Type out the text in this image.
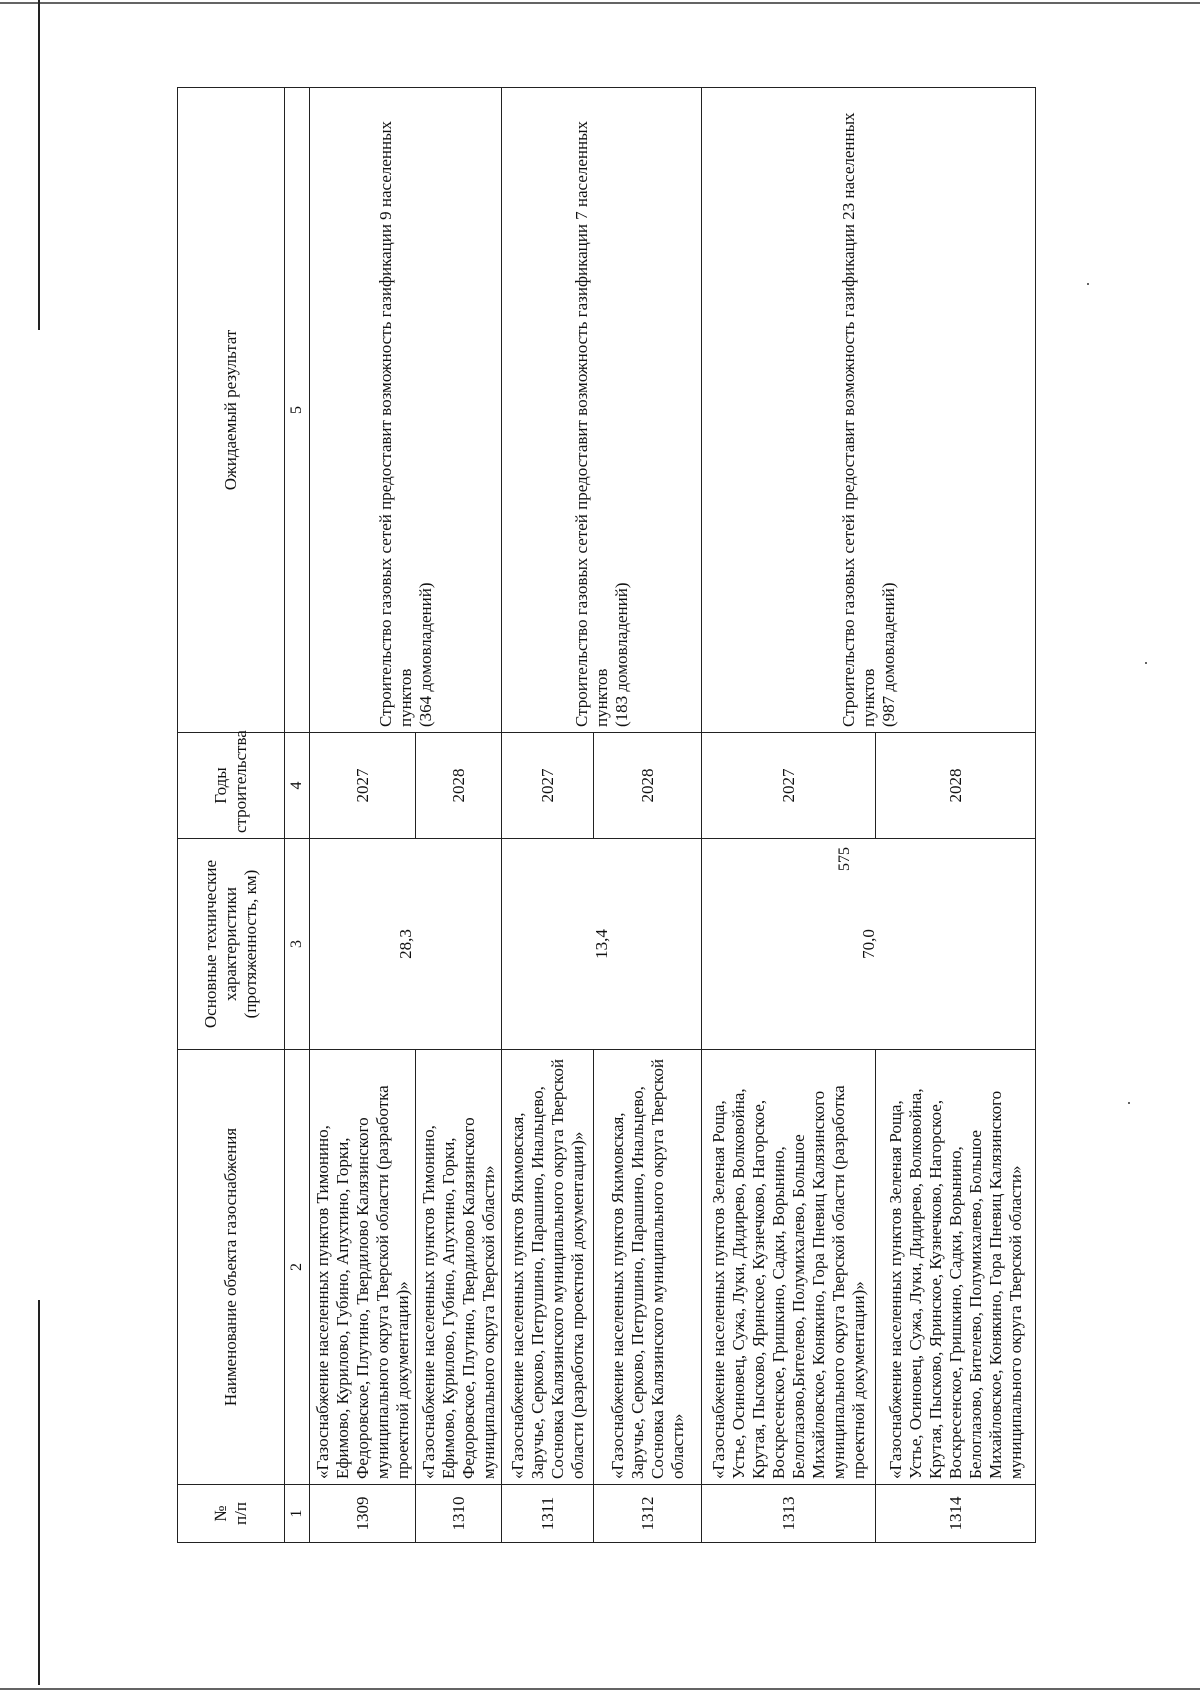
575
№
п/п	Наименование объекта газоснабжения	Основные технические характеристики (протяженность, км)	Годы строительства	Ожидаемый результат
1	2	3	4	5
1309	«Газоснабжение населенных пунктов Тимонино, Ефимово, Курилово, Губино, Апухтино, Горки, Федоровское, Плутино, Твердилово Калязинского муниципального округа Тверской области (разработка проектной документации)»	28,3	2027	Строительство газовых сетей предоставит возможность газификации 9 населенных пунктов
(364 домовладений)
1310	«Газоснабжение населенных пунктов Тимонино, Ефимово, Курилово, Губино, Апухтино, Горки, Федоровское, Плутино, Твердилово Калязинского муниципального округа Тверской области»		2028	
1311	«Газоснабжение населенных пунктов Якимовская, Заручье, Серково, Петрушино, Парашино, Инальцево, Сосновка Калязинского муниципального округа Тверской области (разработка проектной документации)»	13,4	2027	Строительство газовых сетей предоставит возможность газификации 7 населенных пунктов
(183 домовладений)
1312	«Газоснабжение населенных пунктов Якимовская, Заручье, Серково, Петрушино, Парашино, Инальцево, Сосновка Калязинского муниципального округа Тверской области»		2028	
1313	«Газоснабжение населенных пунктов Зеленая Роща, Устье, Осиновец, Сужа, Луки, Дидирево, Волковойна, Крутая, Пысково, Яринское, Кузнечково, Нагорское, Воскресенское, Гришкино, Садки, Ворынино, Белоглазово,Бителево, Полумихалево, Большое Михайловское, Конякино, Гора Пневиц Калязинского муниципального округа Тверской области (разработка проектной документации)»	70,0	2027	Строительство газовых сетей предоставит возможность газификации 23 населенных пунктов
(987 домовладений)
1314	«Газоснабжение населенных пунктов Зеленая Роща, Устье, Осиновец, Сужа, Луки, Дидирево, Волковойна, Крутая, Пысково, Яринское, Кузнечково, Нагорское, Воскресенское, Гришкино, Садки, Ворынино, Белоглазово, Бителево, Полумихалево, Большое Михайловское, Конякино, Гора Пневиц Калязинского муниципального округа Тверской области»		2028	
